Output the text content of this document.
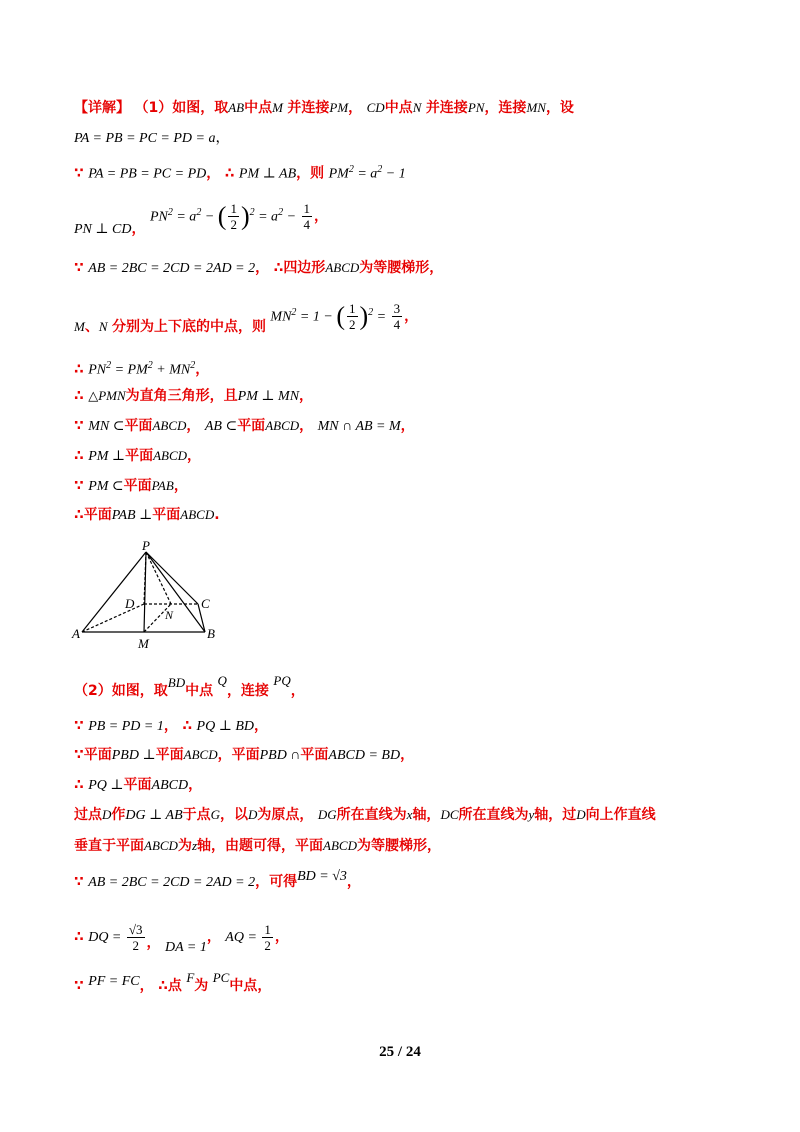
【详解】 （1）如图，取AB中点M 并连接PM， CD中点N 并连接PN，连接MN，设
PA = PB = PC = PD = a，
∵ PA = PB = PC = PD， ∴ PM ⊥ AB，则 $PM^2 = a^2 - 1$
PN ⊥ CD， $PN^2 = a^2$ − ( $\frac{1}{2} )^2 = a^2 - \frac{1}{4}$ ，
∵ AB = 2BC = 2CD = 2AD = 2， ∴四边形ABCD为等腰梯形，
M、N 分别为上下底的中点，则 $MN^2 = 1$ − ( $\frac{1}{2} )^2 = \frac{3}{4}$ ，
∴ $PN^2 = PM^2 + MN^2$，
∴ △PMN为直角三角形，且PM ⊥ MN，
∵ MN ⊂平面ABCD， AB ⊂平面ABCD， MN ∩ AB = M，
∴ PM ⊥平面ABCD，
∵ PM ⊂平面PAB，
∴平面PAB ⊥平面ABCD.
P
D	C
N
A
M
B
（2）如图，取BD中点 Q，连接 PQ，
∵ PB = PD = 1， ∴ PQ ⊥ BD，
∵平面PBD ⊥平面ABCD，平面PBD ∩平面ABCD = BD，
∴ PQ ⊥平面ABCD，
过点D作DG ⊥ AB于点G，以D为原点， DG所在直线为x轴，DC所在直线为y轴，过D向上作直线
垂直于平面ABCD为z轴，由题可得，平面ABCD为等腰梯形，
∵ AB = 2BC = 2CD = 2AD = 2，可得BD = √3，
∴ DQ = $\frac{√3}{2}$ ， DA = 1， AQ = $\frac{1}{2}$ ，
∵ PF = FC， ∴点 F为 PC中点，
25 / 24
